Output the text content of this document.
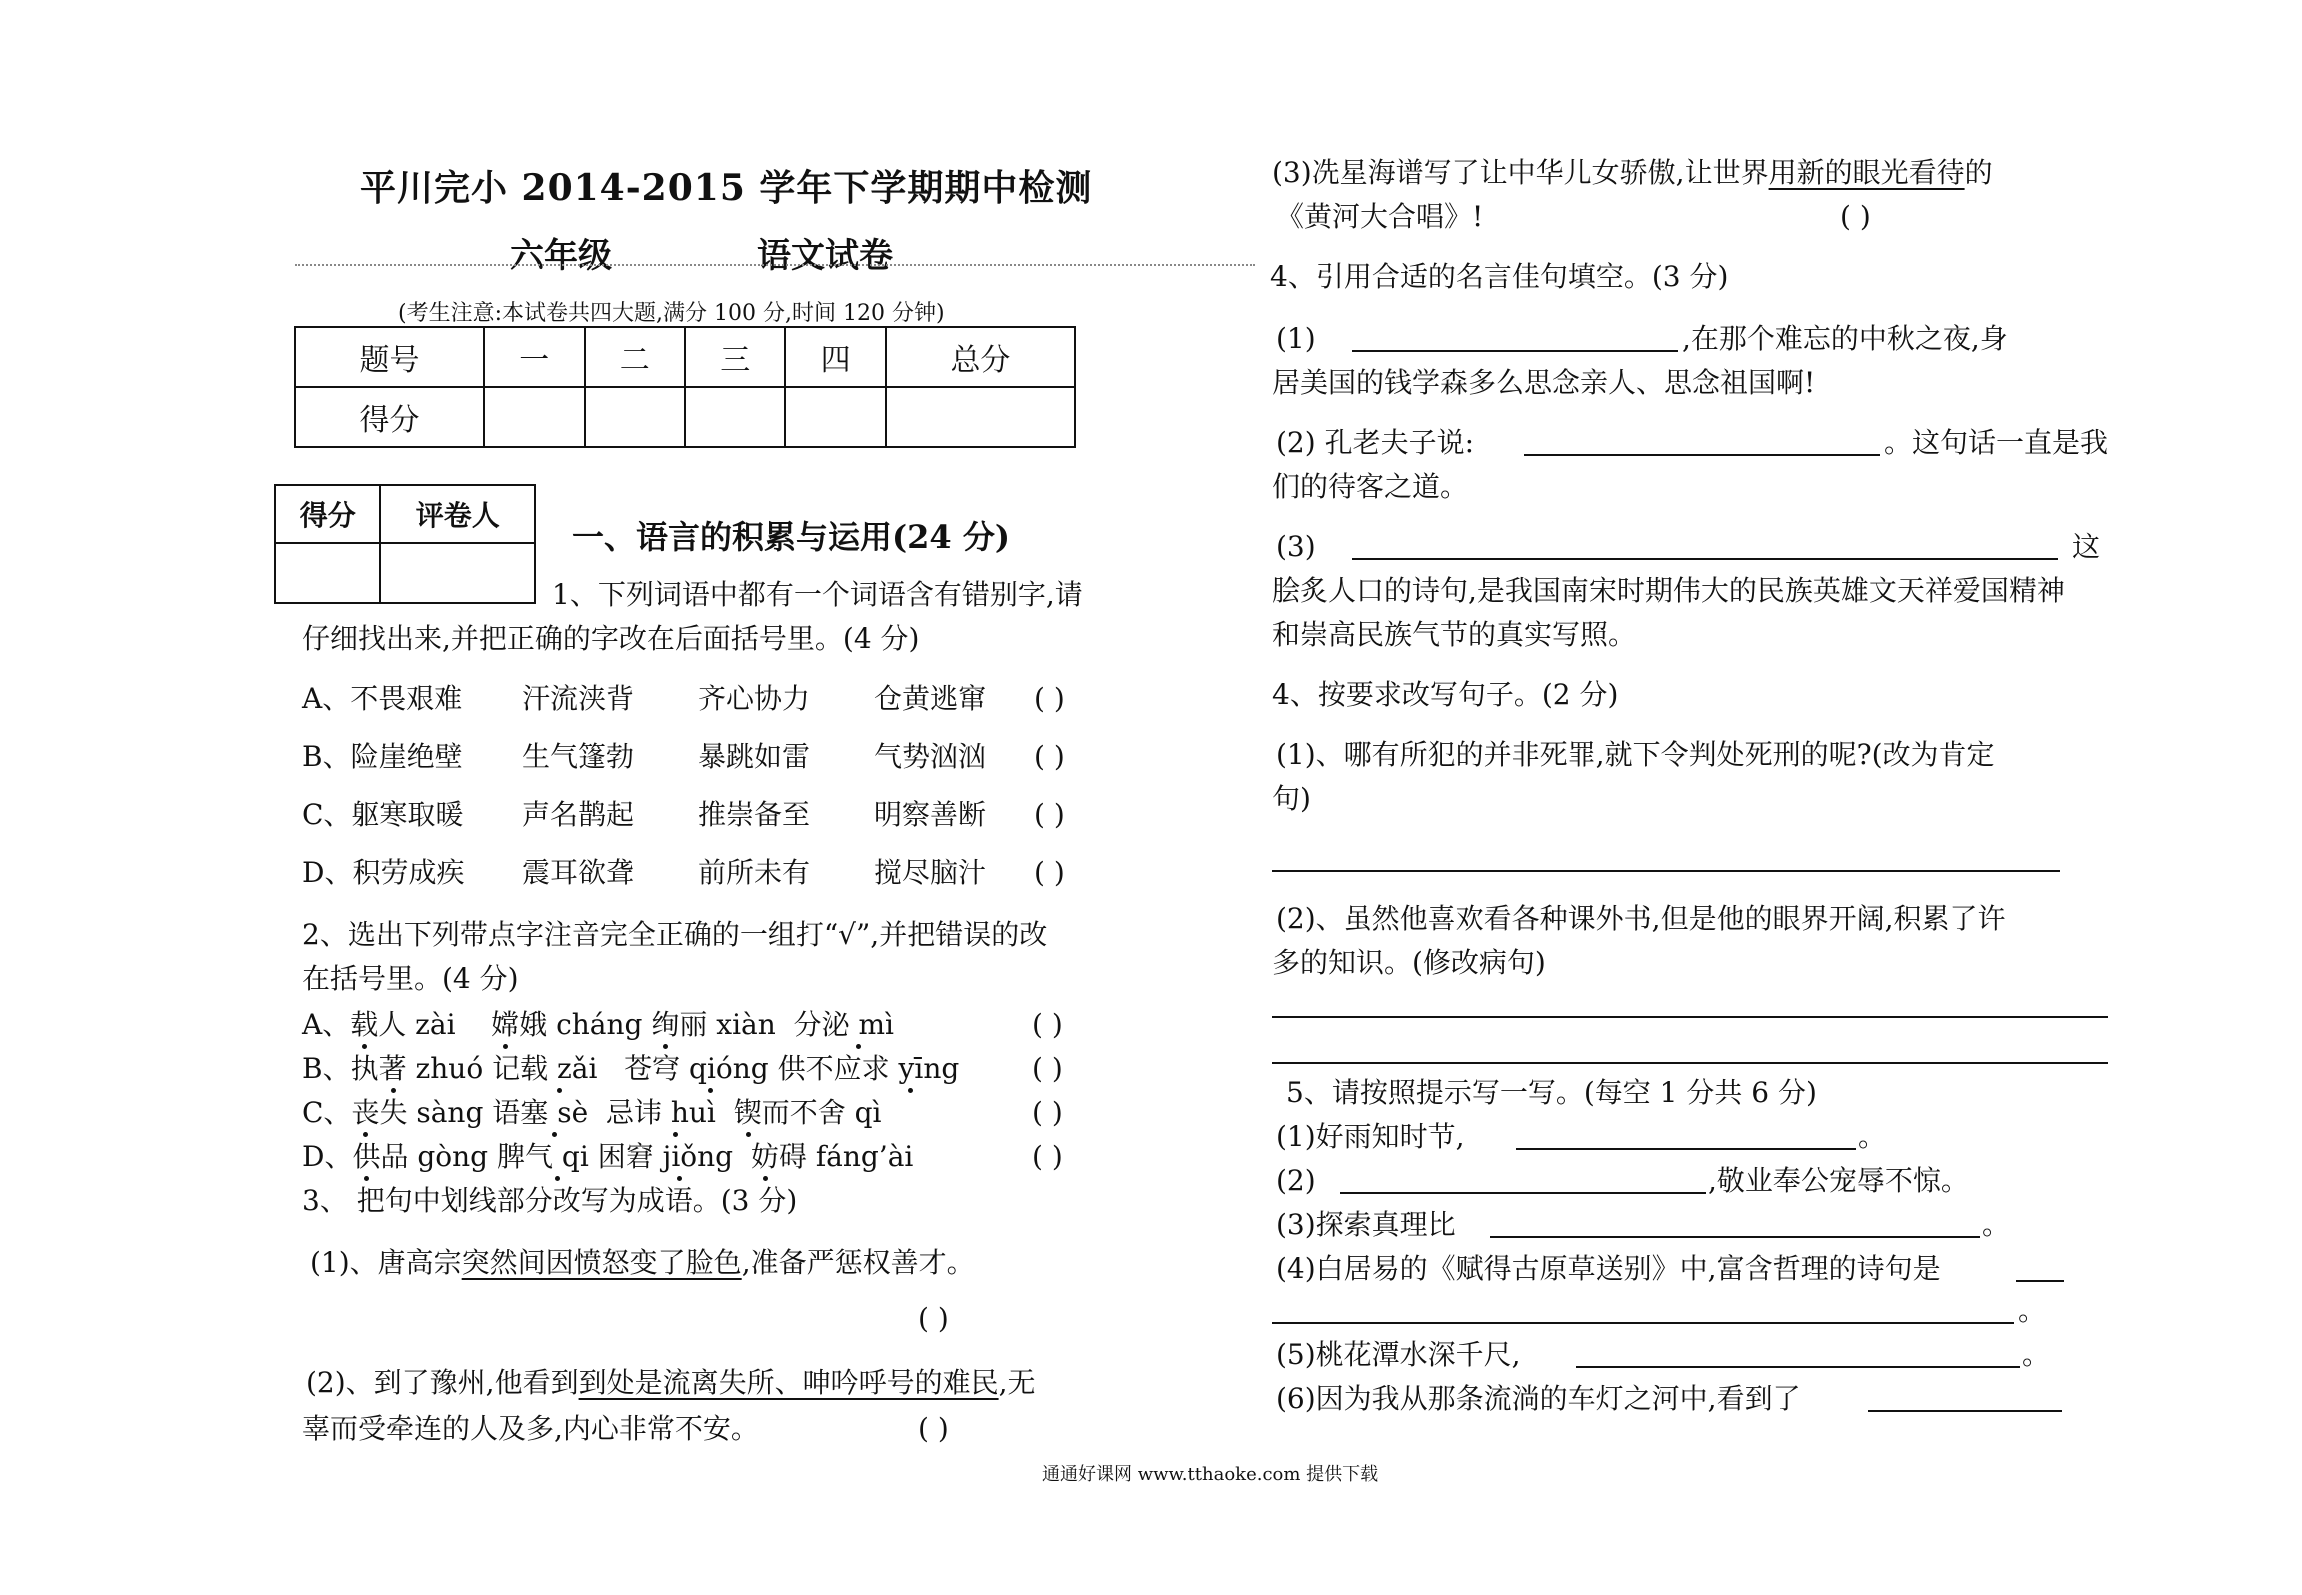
平川完小 2014-2015 学年下学期期中检测
六年级	语文试卷
(考生注意:本试卷共四大题,满分 100 分,时间 120 分钟)
题号	一	二	三	四	总分
得分					
得分	评卷人

一、语言的积累与运用(24 分)
1、下列词语中都有一个词语含有错别字,请
仔细找出来,并把正确的字改在后面括号里。(4 分)
A、不畏艰难 汗流浃背 齐心协力 仓黄逃窜 ( )
B、险崖绝壁 生气篷勃 暴跳如雷 气势汹汹 ( )
C、躯寒取暖 声名鹊起 推崇备至 明察善断 ( )
D、积劳成疾 震耳欲聋 前所未有 搅尽脑汁 ( )
2、选出下列带点字注音完全正确的一组打“√”,并把错误的改
在括号里。(4 分)
A、载人 zài 嫦娥 cháng 绚丽 xiàn 分泌 mì	( )
B、执著 zhuó 记载 zǎi 苍穹 qióng 供不应求 yīng	( )
C、丧失 sàng 语塞 sè 忌讳 huì 锲而不舍 qì	( )
D、供品 gòng 脾气 qi 困窘 jiǒng 妨碍 fáng’ài	( )
3、 把句中划线部分改写为成语。(3 分)
(1)、唐高宗突然间因愤怒变了脸色,准备严惩权善才。
( )
(2)、到了豫州,他看到到处是流离失所、呻吟呼号的难民,无
辜而受牵连的人及多,内心非常不安。	( )
(3)冼星海谱写了让中华儿女骄傲,让世界用新的眼光看待的
《黄河大合唱》!	( )
4、引用合适的名言佳句填空。(3 分)
(1)	,在那个难忘的中秋之夜,身
居美国的钱学森多么思念亲人、思念祖国啊!
(2) 孔老夫子说:	。这句话一直是我
们的待客之道。
(3)	这
脍炙人口的诗句,是我国南宋时期伟大的民族英雄文天祥爱国精神
和崇高民族气节的真实写照。
4、按要求改写句子。(2 分)
(1)、哪有所犯的并非死罪,就下令判处死刑的呢?(改为肯定
句)
(2)、虽然他喜欢看各种课外书,但是他的眼界开阔,积累了许
多的知识。(修改病句)
5、请按照提示写一写。(每空 1 分共 6 分)
(1)好雨知时节,	。
(2)	,敬业奉公宠辱不惊。
(3)探索真理比	。
(4)白居易的《赋得古原草送别》中,富含哲理的诗句是
。
(5)桃花潭水深千尺,	。
(6)因为我从那条流淌的车灯之河中,看到了
通通好课网 www.tthaoke.com 提供下载
